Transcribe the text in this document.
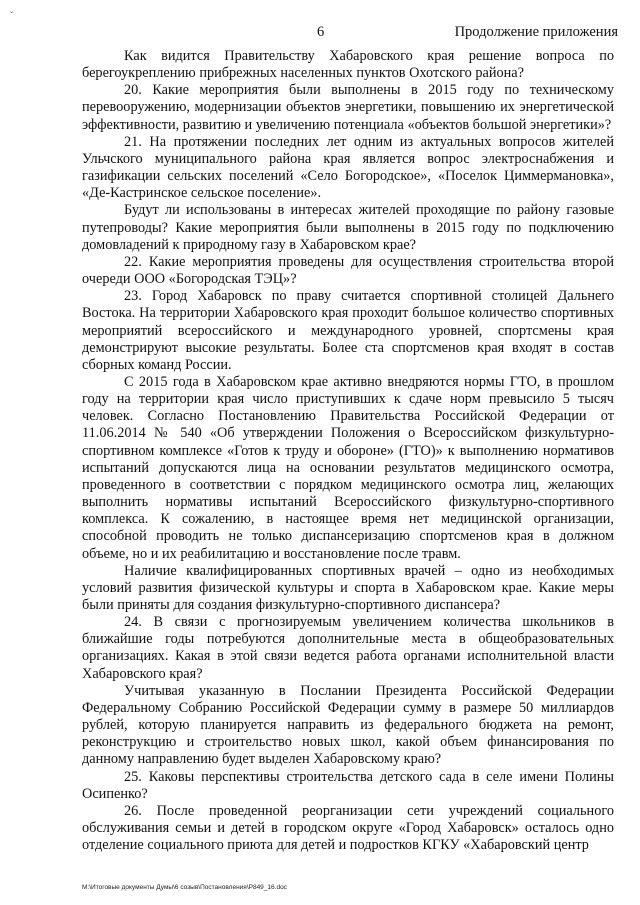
ˇ
6	Продолжение приложения

Как видится Правительству Хабаровского края решение вопроса по берегоукреплению прибрежных населенных пунктов Охотского района?

20. Какие мероприятия были выполнены в 2015 году по техническому перевооружению, модернизации объектов энергетики, повышению их энергетической эффективности, развитию и увеличению потенциала «объектов большой энергетики»?

21. На протяжении последних лет одним из актуальных вопросов жителей Ульчского муниципального района края является вопрос электроснабжения и газификации сельских поселений «Село Богородское», «Поселок Циммермановка», «Де-Кастринское сельское поселение».

Будут ли использованы в интересах жителей проходящие по району газовые путепроводы? Какие мероприятия были выполнены в 2015 году по подключению домовладений к природному газу в Хабаровском крае?

22. Какие мероприятия проведены для осуществления строительства второй очереди ООО «Богородская ТЭЦ»?

23. Город Хабаровск по праву считается спортивной столицей Дальнего Востока. На территории Хабаровского края проходит большое количество спортивных мероприятий всероссийского и международного уровней, спортсмены края демонстрируют высокие результаты. Более ста спортсменов края входят в состав сборных команд России.

С 2015 года в Хабаровском крае активно внедряются нормы ГТО, в прошлом году на территории края число приступивших к сдаче норм превысило 5 тысяч человек. Согласно Постановлению Правительства Российской Федерации от 11.06.2014 № 540 «Об утверждении Положения о Всероссийском физкультурно-спортивном комплексе «Готов к труду и обороне» (ГТО)» к выполнению нормативов испытаний допускаются лица на основании результатов медицинского осмотра, проведенного в соответствии с порядком медицинского осмотра лиц, желающих выполнить нормативы испытаний Всероссийского физкультурно-спортивного комплекса. К сожалению, в настоящее время нет медицинской организации, способной проводить не только диспансеризацию спортсменов края в должном объеме, но и их реабилитацию и восстановление после травм.

Наличие квалифицированных спортивных врачей – одно из необходимых условий развития физической культуры и спорта в Хабаровском крае. Какие меры были приняты для создания физкультурно-спортивного диспансера?

24. В связи с прогнозируемым увеличением количества школьников в ближайшие годы потребуются дополнительные места в общеобразовательных организациях. Какая в этой связи ведется работа органами исполнительной власти Хабаровского края?

Учитывая указанную в Послании Президента Российской Федерации Федеральному Собранию Российской Федерации сумму в размере 50 миллиардов рублей, которую планируется направить из федерального бюджета на ремонт, реконструкцию и строительство новых школ, какой объем финансирования по данному направлению будет выделен Хабаровскому краю?

25. Каковы перспективы строительства детского сада в селе имени Полины Осипенко?

26. После проведенной реорганизации сети учреждений социального обслуживания семьи и детей в городском округе «Город Хабаровск» осталось одно отделение социального приюта для детей и подростков КГКУ «Хабаровский центр

M:\Итоговые документы Думы\6 созыв\Постановления\P849_16.doc
